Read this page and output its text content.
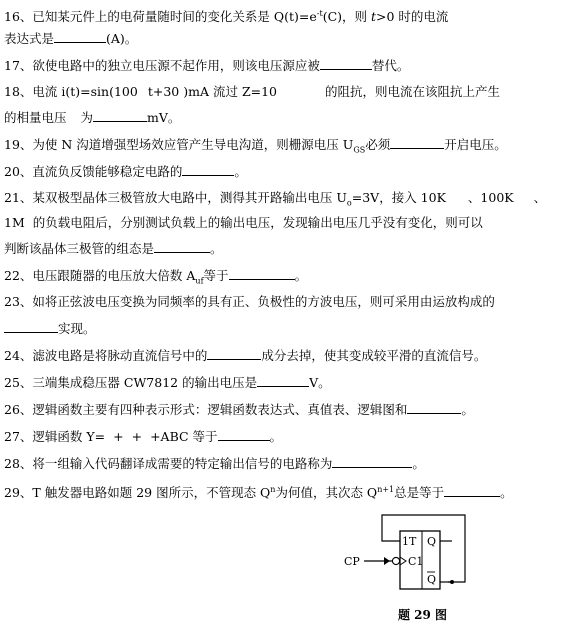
16、已知某元件上的电荷量随时间的变化关系是 $Q(t)=e^{-t}(C)$，则 t>0 时的电流
表达式是	(A)。
17、欲使电路中的独立电压源不起作用，则该电压源应被	替代。
18、电流 i(t)=sin(100 t+30 )mA 流过 Z=10	的阻抗，则电流在该阻抗上产生
的相量电压 为	mV。
19、为使 N 沟道增强型场效应管产生导电沟道，则栅源电压 $U_{GS}$必须	开启电压。
20、直流负反馈能够稳定电路的	。
21、某双极型晶体三极管放大电路中，测得其开路输出电压 $U_o=3V$，接入 10K 、100K 、
1M 的负载电阻后，分别测试负载上的输出电压，发现输出电压几乎没有变化，则可以
判断该晶体三极管的组态是	。
22、电压跟随器的电压放大倍数 $A_{uf}$等于	。
23、如将正弦波电压变换为同频率的具有正、负极性的方波电压，则可采用由运放构成的
实现。
24、滤波电路是将脉动直流信号中的	成分去掉，使其变成较平滑的直流信号。
25、三端集成稳压器 CW7812 的输出电压是	V。
26、逻辑函数主要有四种表示形式：逻辑函数表达式、真值表、逻辑图和	。
27、逻辑函数 Y= + + +ABC 等于	。
28、将一组输入代码翻译成需要的特定输出信号的电路称为	。
29、T 触发器电路如题 29 图所示，不管现态 $Q^n$为何值，其次态 $Q^{n+1}$总是等于	。
1T
C1
Q
Q
CP
题 29 图
